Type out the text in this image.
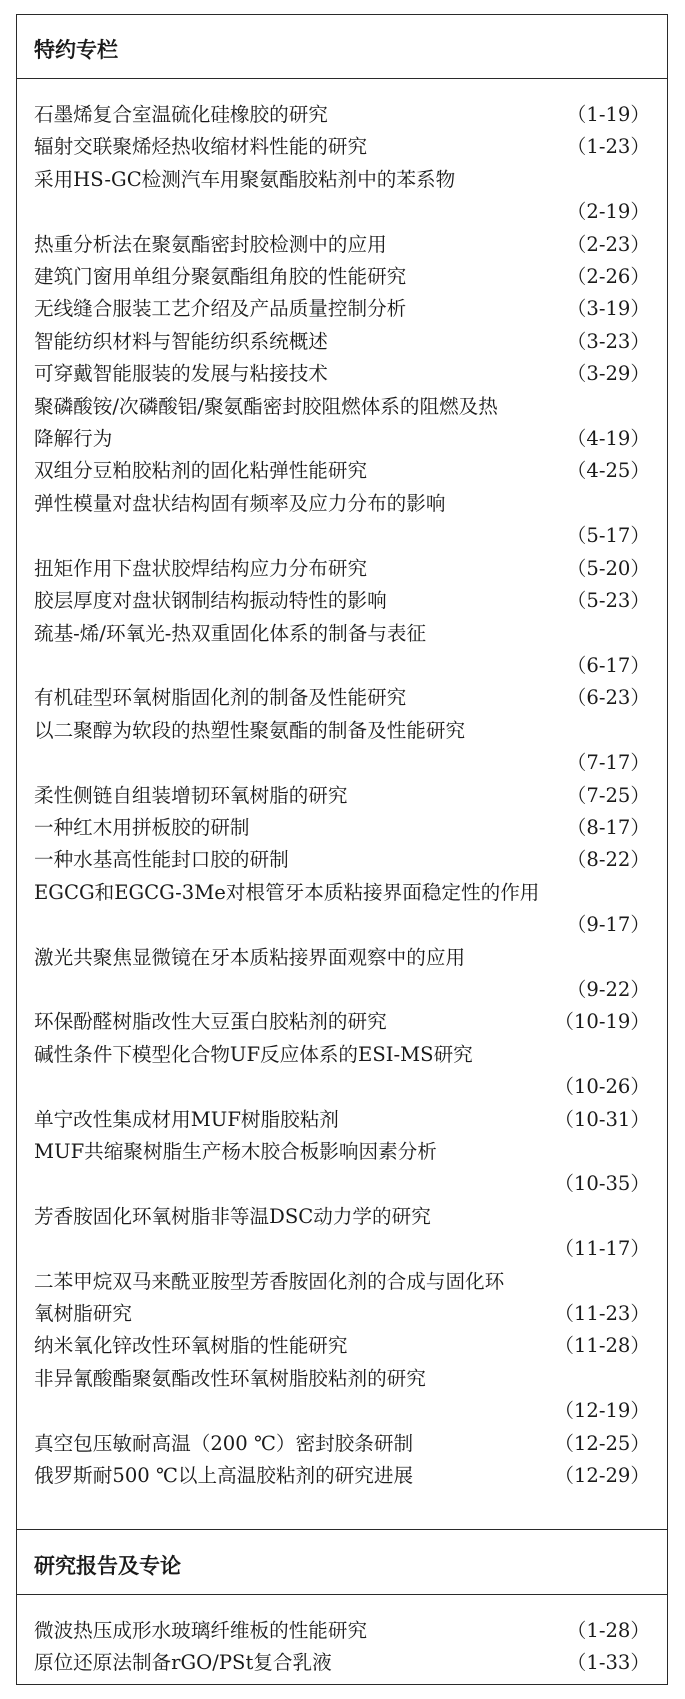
特约专栏
石墨烯复合室温硫化硅橡胶的研究	（1-19）
辐射交联聚烯烃热收缩材料性能的研究	（1-23）
采用HS-GC检测汽车用聚氨酯胶粘剂中的苯系物
（2-19）
热重分析法在聚氨酯密封胶检测中的应用	（2-23）
建筑门窗用单组分聚氨酯组角胶的性能研究	（2-26）
无线缝合服装工艺介绍及产品质量控制分析	（3-19）
智能纺织材料与智能纺织系统概述	（3-23）
可穿戴智能服装的发展与粘接技术	（3-29）
聚磷酸铵/次磷酸铝/聚氨酯密封胶阻燃体系的阻燃及热
降解行为	（4-19）
双组分豆粕胶粘剂的固化粘弹性能研究	（4-25）
弹性模量对盘状结构固有频率及应力分布的影响
（5-17）
扭矩作用下盘状胶焊结构应力分布研究	（5-20）
胶层厚度对盘状钢制结构振动特性的影响	（5-23）
巯基-烯/环氧光-热双重固化体系的制备与表征
（6-17）
有机硅型环氧树脂固化剂的制备及性能研究	（6-23）
以二聚醇为软段的热塑性聚氨酯的制备及性能研究
（7-17）
柔性侧链自组装增韧环氧树脂的研究	（7-25）
一种红木用拼板胶的研制	（8-17）
一种水基高性能封口胶的研制	（8-22）
EGCG和EGCG-3Me对根管牙本质粘接界面稳定性的作用
（9-17）
激光共聚焦显微镜在牙本质粘接界面观察中的应用
（9-22）
环保酚醛树脂改性大豆蛋白胶粘剂的研究	（10-19）
碱性条件下模型化合物UF反应体系的ESI-MS研究
（10-26）
单宁改性集成材用MUF树脂胶粘剂	（10-31）
MUF共缩聚树脂生产杨木胶合板影响因素分析
（10-35）
芳香胺固化环氧树脂非等温DSC动力学的研究
（11-17）
二苯甲烷双马来酰亚胺型芳香胺固化剂的合成与固化环
氧树脂研究	（11-23）
纳米氧化锌改性环氧树脂的性能研究	（11-28）
非异氰酸酯聚氨酯改性环氧树脂胶粘剂的研究
（12-19）
真空包压敏耐高温（200 ℃）密封胶条研制	（12-25）
俄罗斯耐500 ℃以上高温胶粘剂的研究进展	（12-29）
研究报告及专论
微波热压成形水玻璃纤维板的性能研究	（1-28）
原位还原法制备rGO/PSt复合乳液	（1-33）
